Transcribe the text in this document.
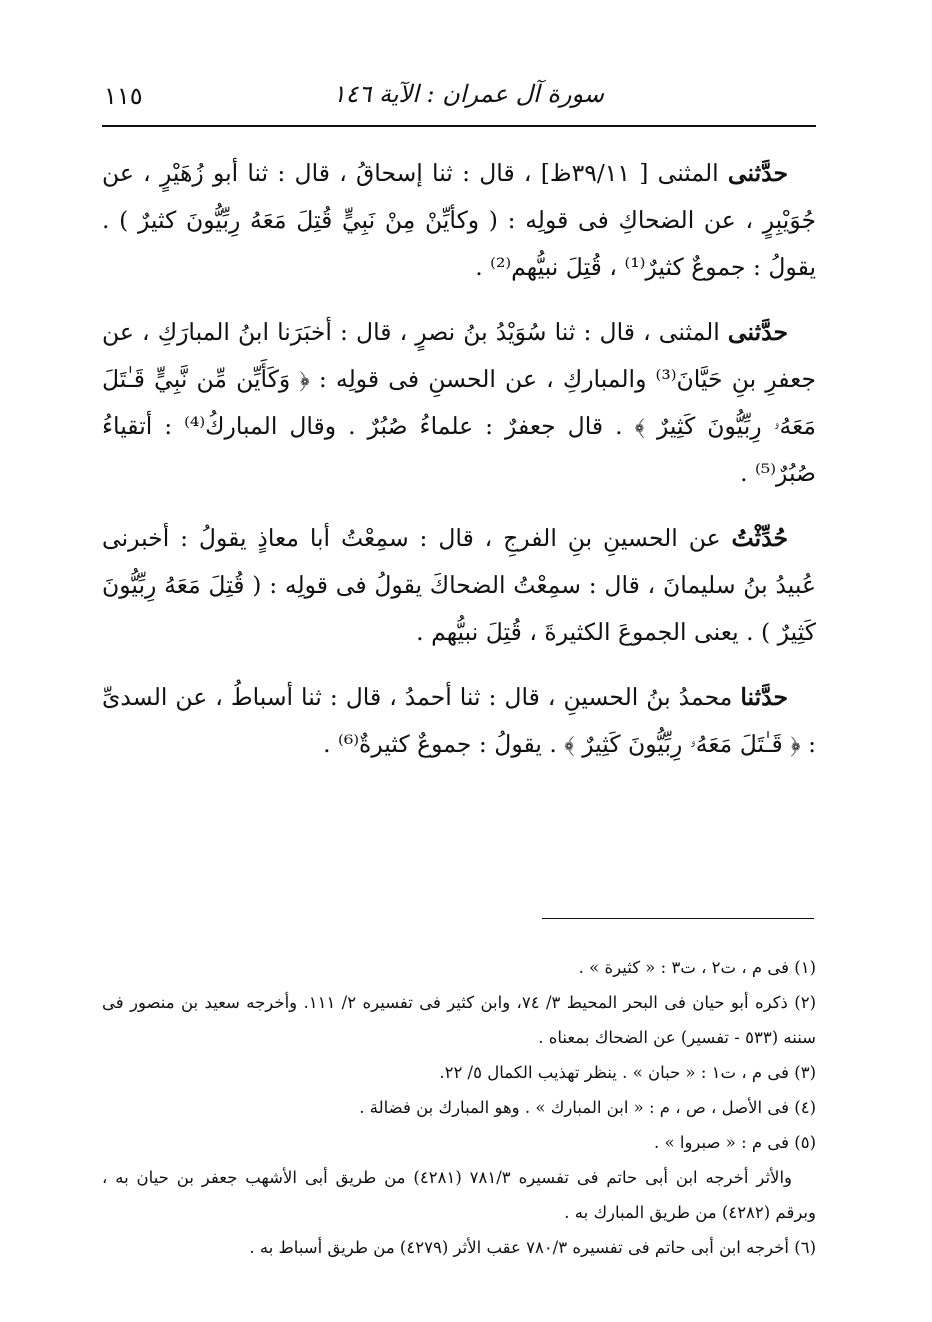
سورة آل عمران : الآية ١٤٦
١١٥

حدَّثنى المثنى [ ٣٩/١١ظ] ، قال : ثنا إسحاقُ ، قال : ثنا أبو زُهَيْرٍ ، عن جُوَيْبِرٍ ، عن الضحاكِ فى قولِه : ( وكأيِّنْ مِنْ نَبِيٍّ قُتِلَ مَعَهُ رِبِّيُّونَ كثيرٌ ) . يقولُ : جموعٌ كثيرٌ⁽¹⁾ ، قُتِلَ نبيُّهم⁽²⁾ .

حدَّثنى المثنى ، قال : ثنا سُوَيْدُ بنُ نصرٍ ، قال : أخبَرَنا ابنُ المبارَكِ ، عن جعفرِ بنِ حَيَّانَ⁽³⁾ والمباركِ ، عن الحسنِ فى قولِه : ﴿ وَكَأَيِّن مِّن نَّبِيٍّ قَـٰتَلَ مَعَهُۥ رِبِّيُّونَ كَثِيرٌ ﴾ . قال جعفرٌ : علماءُ صُبُرٌ . وقال المباركُ⁽⁴⁾ : أتقياءُ صُبُرٌ⁽⁵⁾ .

حُدِّثْتُ عن الحسينِ بنِ الفرجِ ، قال : سمِعْتُ أبا معاذٍ يقولُ : أخبرنى عُبيدُ بنُ سليمانَ ، قال : سمِعْتُ الضحاكَ يقولُ فى قولِه : ( قُتِلَ مَعَهُ رِبِّيُّونَ كَثِيرٌ ) . يعنى الجموعَ الكثيرةَ ، قُتِلَ نبيُّهم .

حدَّثنا محمدُ بنُ الحسينِ ، قال : ثنا أحمدُ ، قال : ثنا أسباطُ ، عن السدىِّ : ﴿ قَـٰتَلَ مَعَهُۥ رِبِّيُّونَ كَثِيرٌ ﴾ . يقولُ : جموعٌ كثيرةٌ⁽⁶⁾ .

(١) فى م ، ت٢ ، ت٣ : « كثيرة » .

(٢) ذكره أبو حيان فى البحر المحيط ٣/ ٧٤، وابن كثير فى تفسيره ٢/ ١١١. وأخرجه سعيد بن منصور فى سننه (٥٣٣ - تفسير) عن الضحاك بمعناه .

(٣) فى م ، ت١ : « حبان » . ينظر تهذيب الكمال ٥/ ٢٢.

(٤) فى الأصل ، ص ، م : « ابن المبارك » . وهو المبارك بن فضالة .

(٥) فى م : « صبروا » .

والأثر أخرجه ابن أبى حاتم فى تفسيره ٧٨١/٣ (٤٢٨١) من طريق أبى الأشهب جعفر بن حيان به ، وبرقم (٤٢٨٢) من طريق المبارك به .

(٦) أخرجه ابن أبى حاتم فى تفسيره ٧٨٠/٣ عقب الأثر (٤٢٧٩) من طريق أسباط به .
